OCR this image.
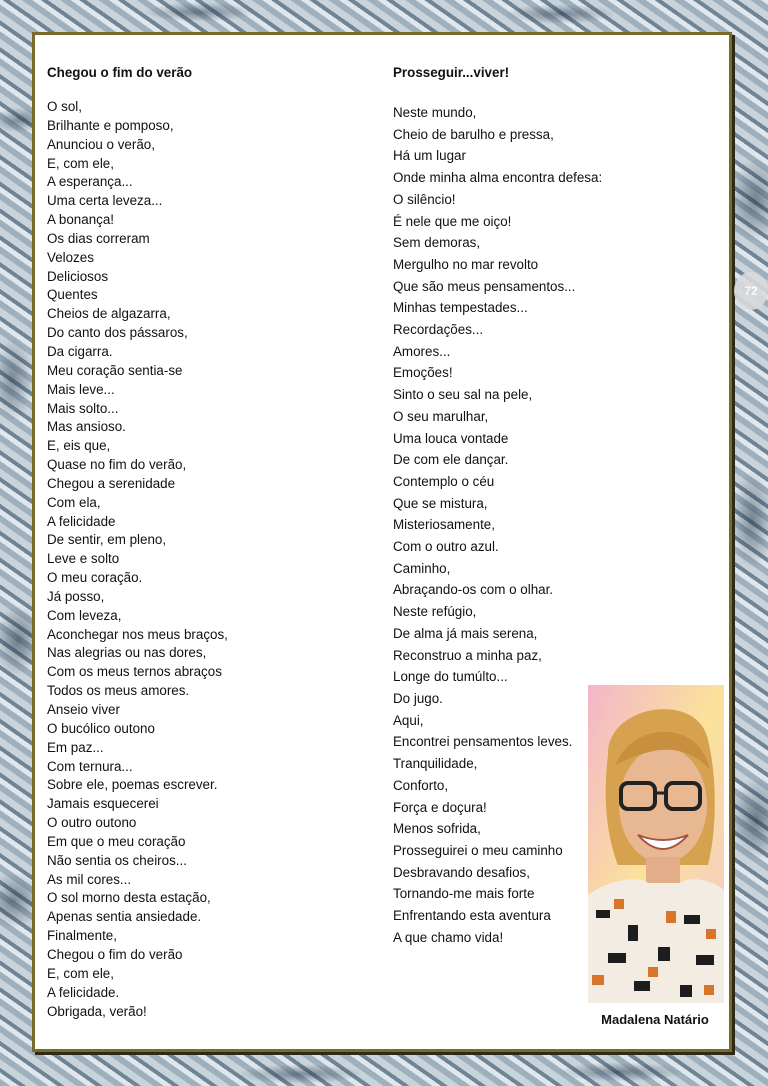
Chegou o fim do verão

O sol,
Brilhante e pomposo,
Anunciou o verão,
E, com ele,
A esperança...
Uma certa leveza...
A bonança!
Os dias correram
Velozes
Deliciosos
Quentes
Cheios de algazarra,
Do canto dos pássaros,
Da cigarra.
Meu coração sentia-se
Mais leve...
Mais solto...
Mas ansioso.
E, eis que,
Quase no fim do verão,
Chegou a serenidade
Com ela,
A felicidade
De sentir, em pleno,
Leve e solto
O meu coração.
Já posso,
Com leveza,
Aconchegar nos meus braços,
Nas alegrias ou nas dores,
Com os meus ternos abraços
Todos os meus amores.
Anseio viver
O bucólico outono
Em paz...
Com ternura...
Sobre ele, poemas escrever.
Jamais esquecerei
O outro outono
Em que o meu coração
Não sentia os cheiros...
As mil cores...
O sol morno desta estação,
Apenas sentia ansiedade.
Finalmente,
Chegou o fim do verão
E, com ele,
A felicidade.
Obrigada, verão!

Prosseguir...viver!

Neste mundo,
Cheio de barulho e pressa,
Há um lugar
Onde minha alma encontra defesa:
O silêncio!
É nele que me oiço!
Sem demoras,
Mergulho no mar revolto
Que são meus pensamentos...
Minhas tempestades...
Recordações...
Amores...
Emoções!
Sinto o seu sal na pele,
O seu marulhar,
Uma louca vontade
De com ele dançar.
Contemplo o céu
Que se mistura,
Misteriosamente,
Com o outro azul.
Caminho,
Abraçando-os com o olhar.
Neste refúgio,
De alma já mais serena,
Reconstruo a minha paz,
Longe do tumúlto...
Do jugo.
Aqui,
Encontrei pensamentos leves.
Tranquilidade,
Conforto,
Força e doçura!
Menos sofrida,
Prosseguirei o meu caminho
Desbravando desafios,
Tornando-me mais forte
Enfrentando esta aventura
A que chamo vida!
Madalena Natário
72
